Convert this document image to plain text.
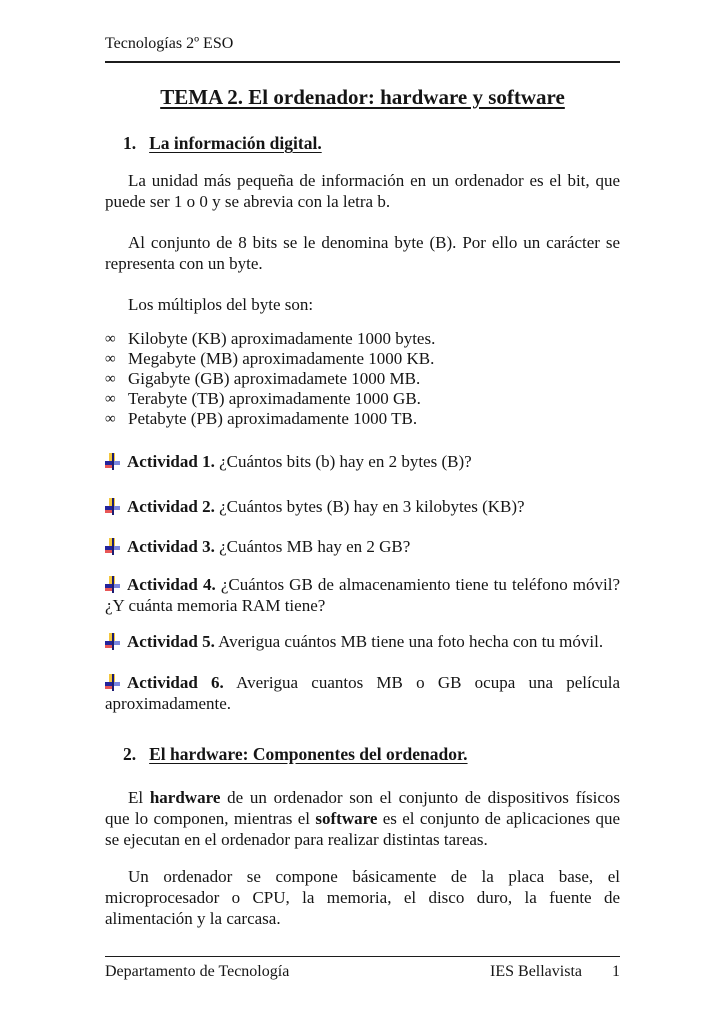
Tecnologías 2º ESO
TEMA 2. El ordenador: hardware y software
1. La información digital.

La unidad más pequeña de información en un ordenador es el bit, que puede ser 1 o 0 y se abrevia con la letra b.

Al conjunto de 8 bits se le denomina byte (B). Por ello un carácter se representa con un byte.

Los múltiplos del byte son:

∞ Kilobyte (KB) aproximadamente 1000 bytes.
∞ Megabyte (MB) aproximadamente 1000 KB.
∞ Gigabyte (GB) aproximadamete 1000 MB.
∞ Terabyte (TB) aproximadamente 1000 GB.
∞ Petabyte (PB) aproximadamente 1000 TB.

Actividad 1. ¿Cuántos bits (b) hay en 2 bytes (B)?

Actividad 2. ¿Cuántos bytes (B) hay en 3 kilobytes (KB)?

Actividad 3. ¿Cuántos MB hay en 2 GB?

Actividad 4. ¿Cuántos GB de almacenamiento tiene tu teléfono móvil? ¿Y cuánta memoria RAM tiene?

Actividad 5. Averigua cuántos MB tiene una foto hecha con tu móvil.

Actividad 6. Averigua cuantos MB o GB ocupa una película aproximadamente.

2. El hardware: Componentes del ordenador.

El hardware de un ordenador son el conjunto de dispositivos físicos que lo componen, mientras el software es el conjunto de aplicaciones que se ejecutan en el ordenador para realizar distintas tareas.

Un ordenador se compone básicamente de la placa base, el microprocesador o CPU, la memoria, el disco duro, la fuente de alimentación y la carcasa.

Departamento de Tecnología	IES Bellavista 1
